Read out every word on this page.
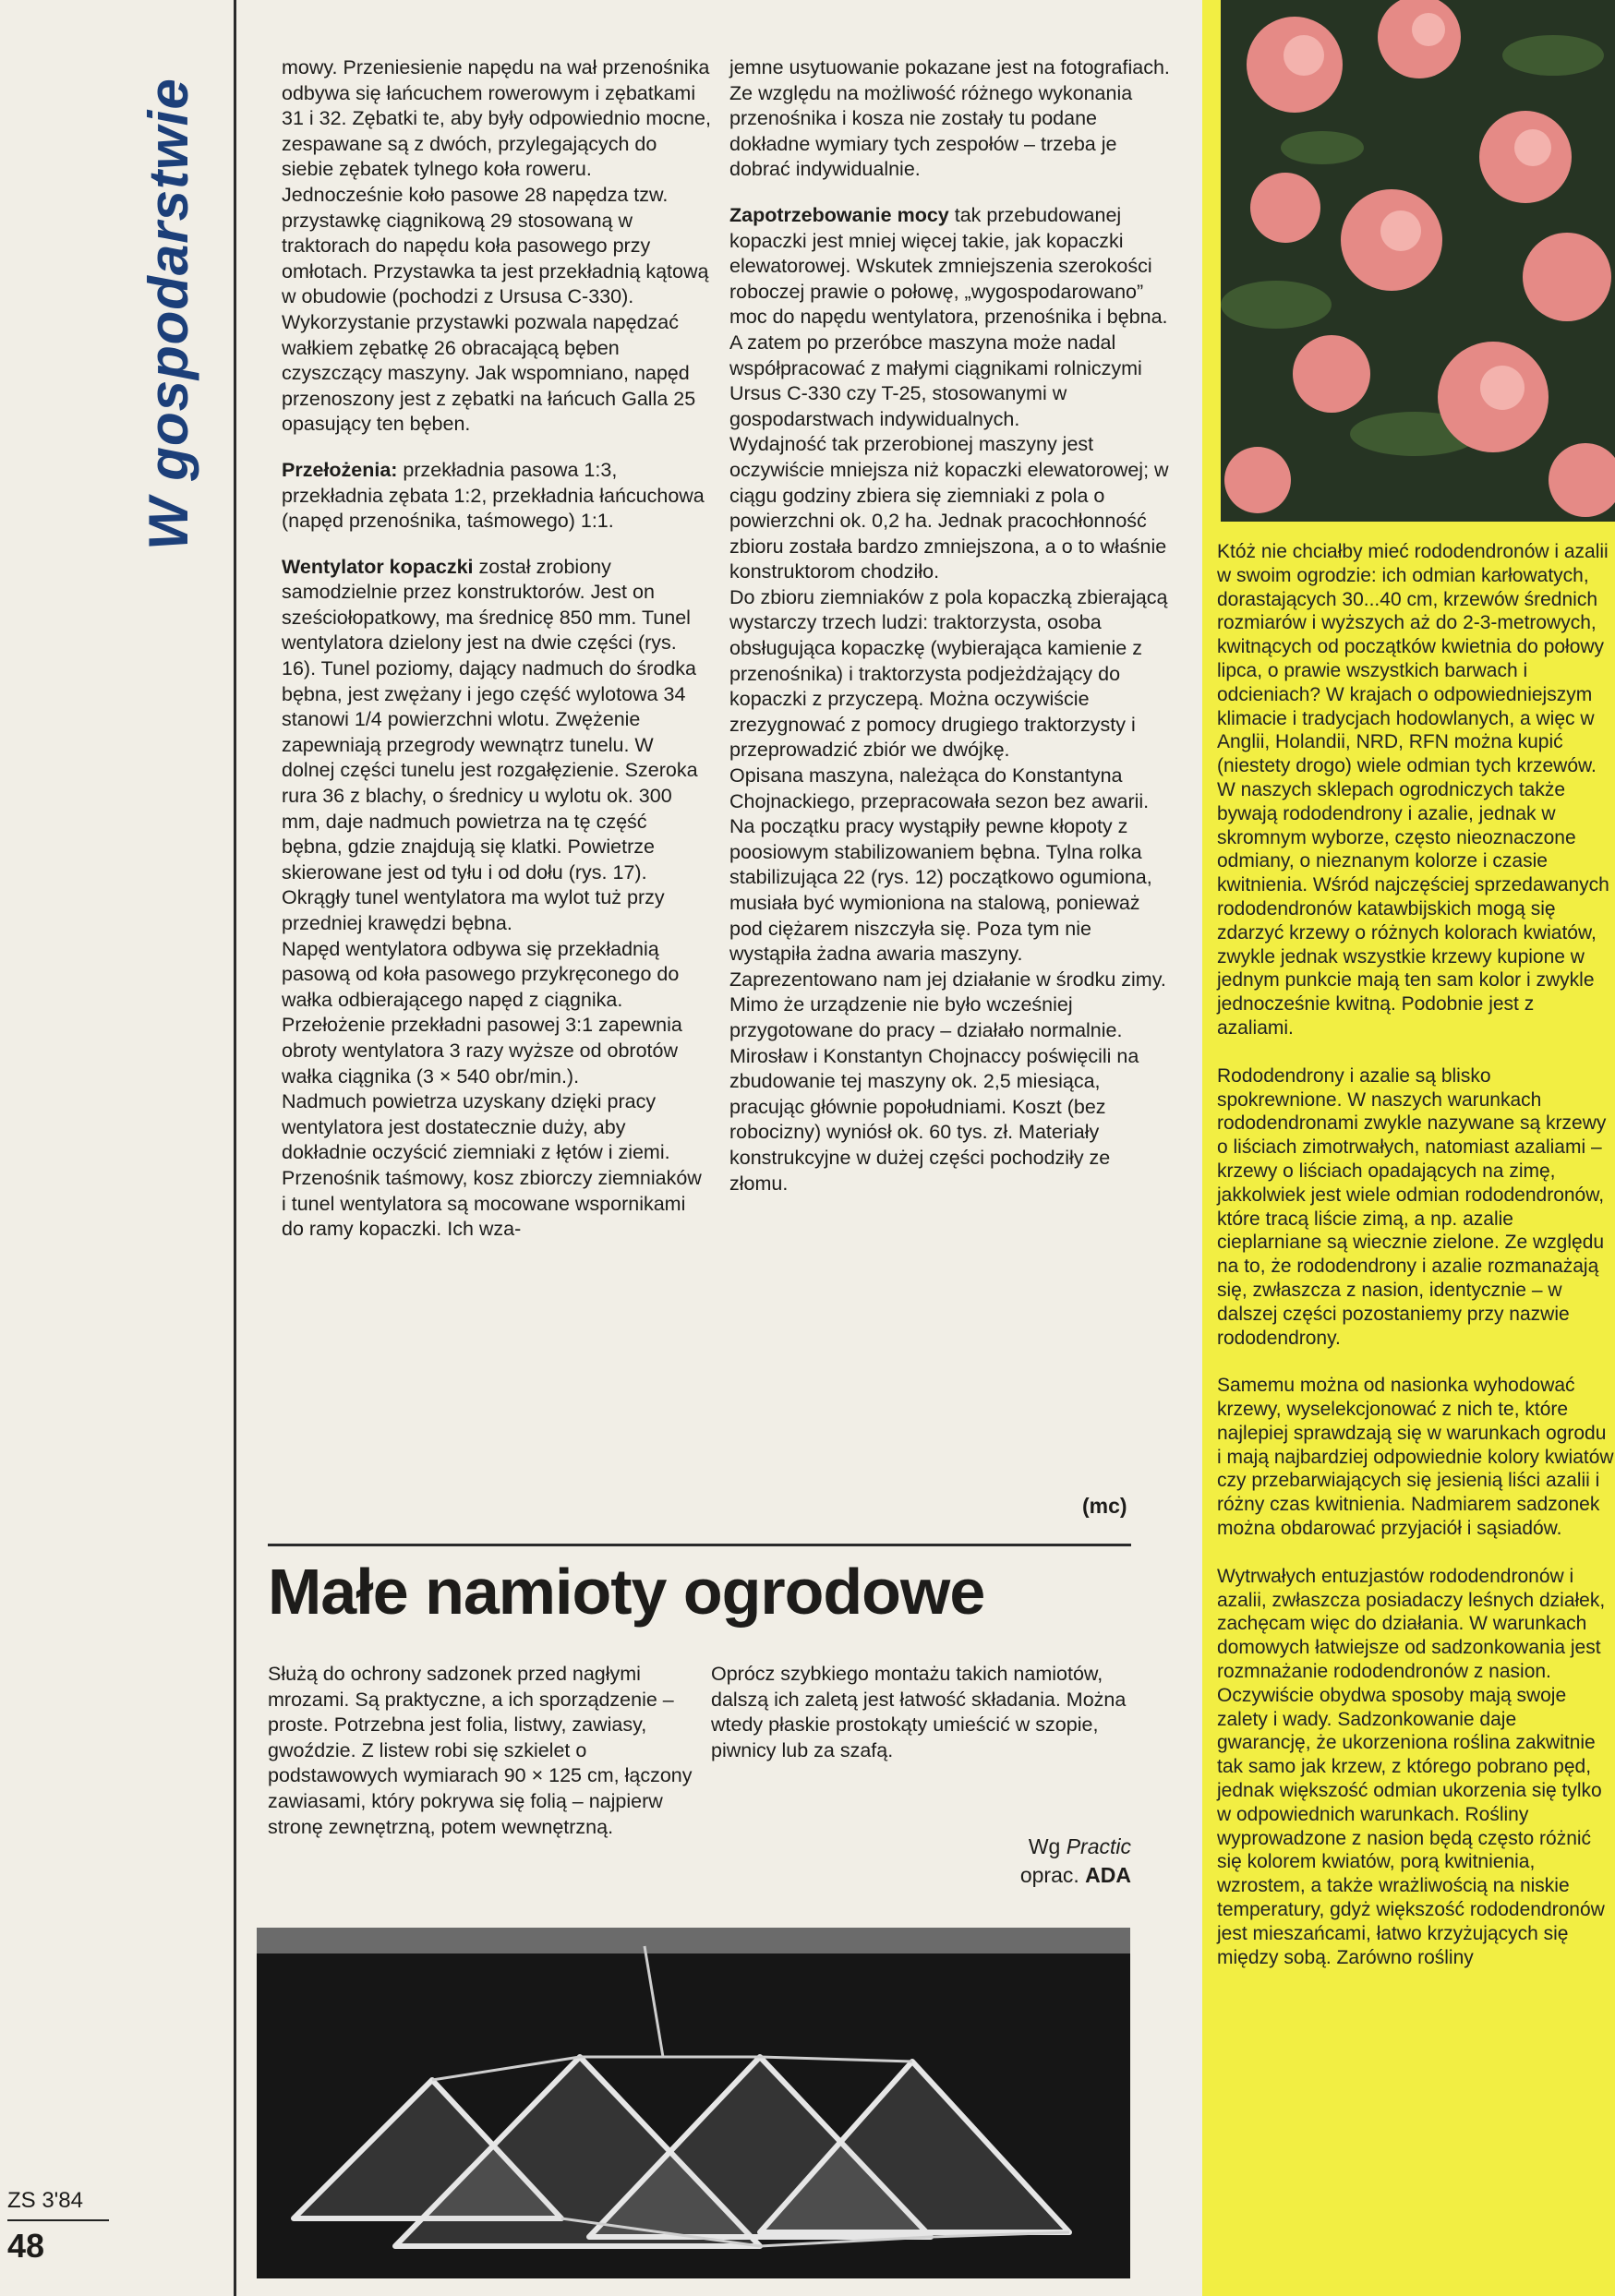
W gospodarstwie
ZS 3'84
48

mowy. Przeniesienie napędu na wał przenośnika odbywa się łańcuchem rowerowym i zębatkami 31 i 32. Zębatki te, aby były odpowiednio mocne, zespawane są z dwóch, przylegających do siebie zębatek tylnego koła roweru. Jednocześnie koło pasowe 28 napędza tzw. przystawkę ciągnikową 29 stosowaną w traktorach do napędu koła pasowego przy omłotach. Przystawka ta jest przekładnią kątową w obudowie (pochodzi z Ursusa C-330). Wykorzystanie przystawki pozwala napędzać wałkiem zębatkę 26 obracającą bęben czyszczący maszyny. Jak wspomniano, napęd przenoszony jest z zębatki na łańcuch Galla 25 opasujący ten bęben.

Przełożenia: przekładnia pasowa 1:3, przekładnia zębata 1:2, przekładnia łańcuchowa (napęd przenośnika, taśmowego) 1:1.

Wentylator kopaczki został zrobiony samodzielnie przez konstruktorów. Jest on sześciołopatkowy, ma średnicę 850 mm. Tunel wentylatora dzielony jest na dwie części (rys. 16). Tunel poziomy, dający nadmuch do środka bębna, jest zwężany i jego część wylotowa 34 stanowi 1/4 powierzchni wlotu. Zwężenie zapewniają przegrody wewnątrz tunelu. W dolnej części tunelu jest rozgałęzienie. Szeroka rura 36 z blachy, o średnicy u wylotu ok. 300 mm, daje nadmuch powietrza na tę część bębna, gdzie znajdują się klatki. Powietrze skierowane jest od tyłu i od dołu (rys. 17).

Okrągły tunel wentylatora ma wylot tuż przy przedniej krawędzi bębna.

Napęd wentylatora odbywa się przekładnią pasową od koła pasowego przykręconego do wałka odbierającego napęd z ciągnika. Przełożenie przekładni pasowej 3:1 zapewnia obroty wentylatora 3 razy wyższe od obrotów wałka ciągnika (3 × 540 obr/min.).

Nadmuch powietrza uzyskany dzięki pracy wentylatora jest dostatecznie duży, aby dokładnie oczyścić ziemniaki z łętów i ziemi.

Przenośnik taśmowy, kosz zbiorczy ziemniaków i tunel wentylatora są mocowane wspornikami do ramy kopaczki. Ich wza-

jemne usytuowanie pokazane jest na fotografiach. Ze względu na możliwość różnego wykonania przenośnika i kosza nie zostały tu podane dokładne wymiary tych zespołów – trzeba je dobrać indywidualnie.

Zapotrzebowanie mocy tak przebudowanej kopaczki jest mniej więcej takie, jak kopaczki elewatorowej. Wskutek zmniejszenia szerokości roboczej prawie o połowę, „wygospodarowano” moc do napędu wentylatora, przenośnika i bębna. A zatem po przeróbce maszyna może nadal współpracować z małymi ciągnikami rolniczymi Ursus C-330 czy T-25, stosowanymi w gospodarstwach indywidualnych.

Wydajność tak przerobionej maszyny jest oczywiście mniejsza niż kopaczki elewatorowej; w ciągu godziny zbiera się ziemniaki z pola o powierzchni ok. 0,2 ha. Jednak pracochłonność zbioru została bardzo zmniejszona, a o to właśnie konstruktorom chodziło.

Do zbioru ziemniaków z pola kopaczką zbierającą wystarczy trzech ludzi: traktorzysta, osoba obsługująca kopaczkę (wybierająca kamienie z przenośnika) i traktorzysta podjeżdżający do kopaczki z przyczepą. Można oczywiście zrezygnować z pomocy drugiego traktorzysty i przeprowadzić zbiór we dwójkę.

Opisana maszyna, należąca do Konstantyna Chojnackiego, przepracowała sezon bez awarii. Na początku pracy wystąpiły pewne kłopoty z poosiowym stabilizowaniem bębna. Tylna rolka stabilizująca 22 (rys. 12) początkowo ogumiona, musiała być wymioniona na stalową, ponieważ pod ciężarem niszczyła się. Poza tym nie wystąpiła żadna awaria maszyny. Zaprezentowano nam jej działanie w środku zimy. Mimo że urządzenie nie było wcześniej przygotowane do pracy – działało normalnie.

Mirosław i Konstantyn Chojnaccy poświęcili na zbudowanie tej maszyny ok. 2,5 miesiąca, pracując głównie popołudniami. Koszt (bez robocizny) wyniósł ok. 60 tys. zł. Materiały konstrukcyjne w dużej części pochodziły ze złomu.

(mc)
Małe namioty ogrodowe

Służą do ochrony sadzonek przed nagłymi mrozami. Są praktyczne, a ich sporządzenie – proste. Potrzebna jest folia, listwy, zawiasy, gwoździe. Z listew robi się szkielet o podstawowych wymiarach 90 × 125 cm, łączony zawiasami, który pokrywa się folią – najpierw stronę zewnętrzną, potem wewnętrzną.

Oprócz szybkiego montażu takich namiotów, dalszą ich zaletą jest łatwość składania. Można wtedy płaskie prostokąty umieścić w szopie, piwnicy lub za szafą.

Wg Practic
oprac. ADA

Któż nie chciałby mieć rododendronów i azalii w swoim ogrodzie: ich odmian karłowatych, dorastających 30...40 cm, krzewów średnich rozmiarów i wyższych aż do 2-3-metrowych, kwitnących od początków kwietnia do połowy lipca, o prawie wszystkich barwach i odcieniach? W krajach o odpowiedniejszym klimacie i tradycjach hodowlanych, a więc w Anglii, Holandii, NRD, RFN można kupić (niestety drogo) wiele odmian tych krzewów. W naszych sklepach ogrodniczych także bywają rododendrony i azalie, jednak w skromnym wyborze, często nieoznaczone odmiany, o nieznanym kolorze i czasie kwitnienia. Wśród najczęściej sprzedawanych rododendronów katawbijskich mogą się zdarzyć krzewy o różnych kolorach kwiatów, zwykle jednak wszystkie krzewy kupione w jednym punkcie mają ten sam kolor i zwykle jednocześnie kwitną. Podobnie jest z azaliami.

Rododendrony i azalie są blisko spokrewnione. W naszych warunkach rododendronami zwykle nazywane są krzewy o liściach zimotrwałych, natomiast azaliami – krzewy o liściach opadających na zimę, jakkolwiek jest wiele odmian rododendronów, które tracą liście zimą, a np. azalie cieplarniane są wiecznie zielone. Ze względu na to, że rododendrony i azalie rozmanażają się, zwłaszcza z nasion, identycznie – w dalszej części pozostaniemy przy nazwie rododendrony.

Samemu można od nasionka wyhodować krzewy, wyselekcjonować z nich te, które najlepiej sprawdzają się w warunkach ogrodu i mają najbardziej odpowiednie kolory kwiatów czy przebarwiających się jesienią liści azalii i różny czas kwitnienia. Nadmiarem sadzonek można obdarować przyjaciół i sąsiadów.

Wytrwałych entuzjastów rododendronów i azalii, zwłaszcza posiadaczy leśnych działek, zachęcam więc do działania. W warunkach domowych łatwiejsze od sadzonkowania jest rozmnażanie rododendronów z nasion. Oczywiście obydwa sposoby mają swoje zalety i wady. Sadzonkowanie daje gwarancję, że ukorzeniona roślina zakwitnie tak samo jak krzew, z którego pobrano pęd, jednak większość odmian ukorzenia się tylko w odpowiednich warunkach. Rośliny wyprowadzone z nasion będą często różnić się kolorem kwiatów, porą kwitnienia, wzrostem, a także wrażliwością na niskie temperatury, gdyż większość rododendronów jest mieszańcami, łatwo krzyżujących się między sobą. Zarówno rośliny
